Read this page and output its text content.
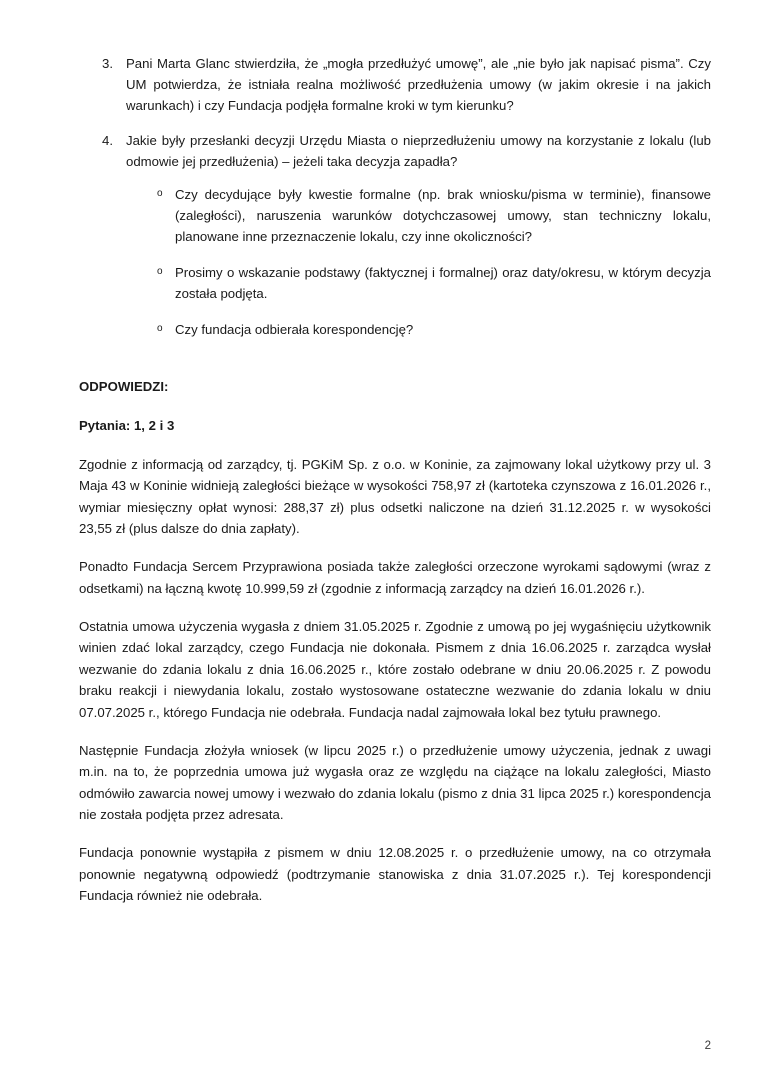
3. Pani Marta Glanc stwierdziła, że „mogła przedłużyć umowę”, ale „nie było jak napisać pisma”. Czy UM potwierdza, że istniała realna możliwość przedłużenia umowy (w jakim okresie i na jakich warunkach) i czy Fundacja podjęła formalne kroki w tym kierunku?
4. Jakie były przesłanki decyzji Urzędu Miasta o nieprzedłużeniu umowy na korzystanie z lokalu (lub odmowie jej przedłużenia) – jeżeli taka decyzja zapadła?
o Czy decydujące były kwestie formalne (np. brak wniosku/pisma w terminie), finansowe (zaległości), naruszenia warunków dotychczasowej umowy, stan techniczny lokalu, planowane inne przeznaczenie lokalu, czy inne okoliczności?
o Prosimy o wskazanie podstawy (faktycznej i formalnej) oraz daty/okresu, w którym decyzja została podjęta.
o Czy fundacja odbierała korespondencję?
ODPOWIEDZI:
Pytania: 1, 2 i 3

Zgodnie z informacją od zarządcy, tj. PGKiM Sp. z o.o. w Koninie, za zajmowany lokal użytkowy przy ul. 3 Maja 43 w Koninie widnieją zaległości bieżące w wysokości 758,97 zł (kartoteka czynszowa z 16.01.2026 r., wymiar miesięczny opłat wynosi: 288,37 zł) plus odsetki naliczone na dzień 31.12.2025 r. w wysokości 23,55 zł (plus dalsze do dnia zapłaty).

Ponadto Fundacja Sercem Przyprawiona posiada także zaległości orzeczone wyrokami sądowymi (wraz z odsetkami) na łączną kwotę 10.999,59 zł (zgodnie z informacją zarządcy na dzień 16.01.2026 r.).

Ostatnia umowa użyczenia wygasła z dniem 31.05.2025 r. Zgodnie z umową po jej wygaśnięciu użytkownik winien zdać lokal zarządcy, czego Fundacja nie dokonała. Pismem z dnia 16.06.2025 r. zarządca wysłał wezwanie do zdania lokalu z dnia 16.06.2025 r., które zostało odebrane w dniu 20.06.2025 r. Z powodu braku reakcji i niewydania lokalu, zostało wystosowane ostateczne wezwanie do zdania lokalu w dniu 07.07.2025 r., którego Fundacja nie odebrała. Fundacja nadal zajmowała lokal bez tytułu prawnego.

Następnie Fundacja złożyła wniosek (w lipcu 2025 r.) o przedłużenie umowy użyczenia, jednak z uwagi m.in. na to, że poprzednia umowa już wygasła oraz ze względu na ciążące na lokalu zaległości, Miasto odmówiło zawarcia nowej umowy i wezwało do zdania lokalu (pismo z dnia 31 lipca 2025 r.) korespondencja nie została podjęta przez adresata.

Fundacja ponownie wystąpiła z pismem w dniu 12.08.2025 r. o przedłużenie umowy, na co otrzymała ponownie negatywną odpowiedź (podtrzymanie stanowiska z dnia 31.07.2025 r.). Tej korespondencji Fundacja również nie odebrała.

2
